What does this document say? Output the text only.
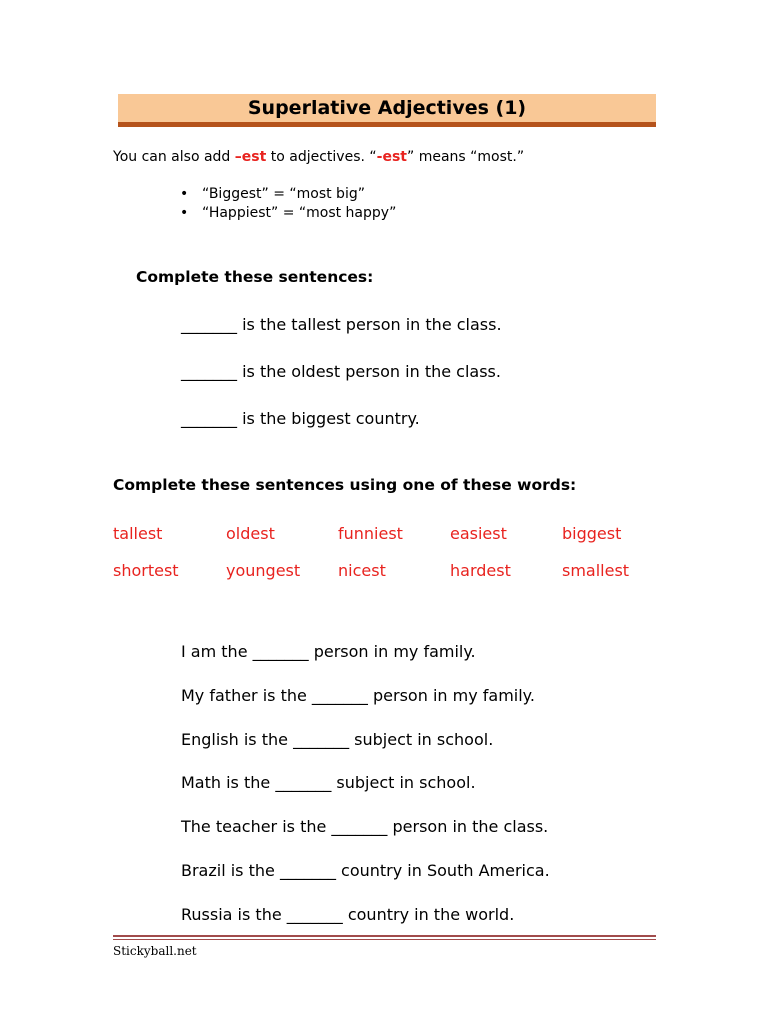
Superlative Adjectives (1)
You can also add –est to adjectives. “-est” means “most.”
• “Biggest” = “most big”
• “Happiest” = “most happy”
Complete these sentences:
_______ is the tallest person in the class.
_______ is the oldest person in the class.
_______ is the biggest country.
Complete these sentences using one of these words:
tallest	oldest	funniest	easiest	biggest
shortest	youngest nicest	hardest	smallest
I am the _______ person in my family.
My father is the _______ person in my family.
English is the _______ subject in school.
Math is the _______ subject in school.
The teacher is the _______ person in the class.
Brazil is the _______ country in South America.
Russia is the _______ country in the world.
Stickyball.net
